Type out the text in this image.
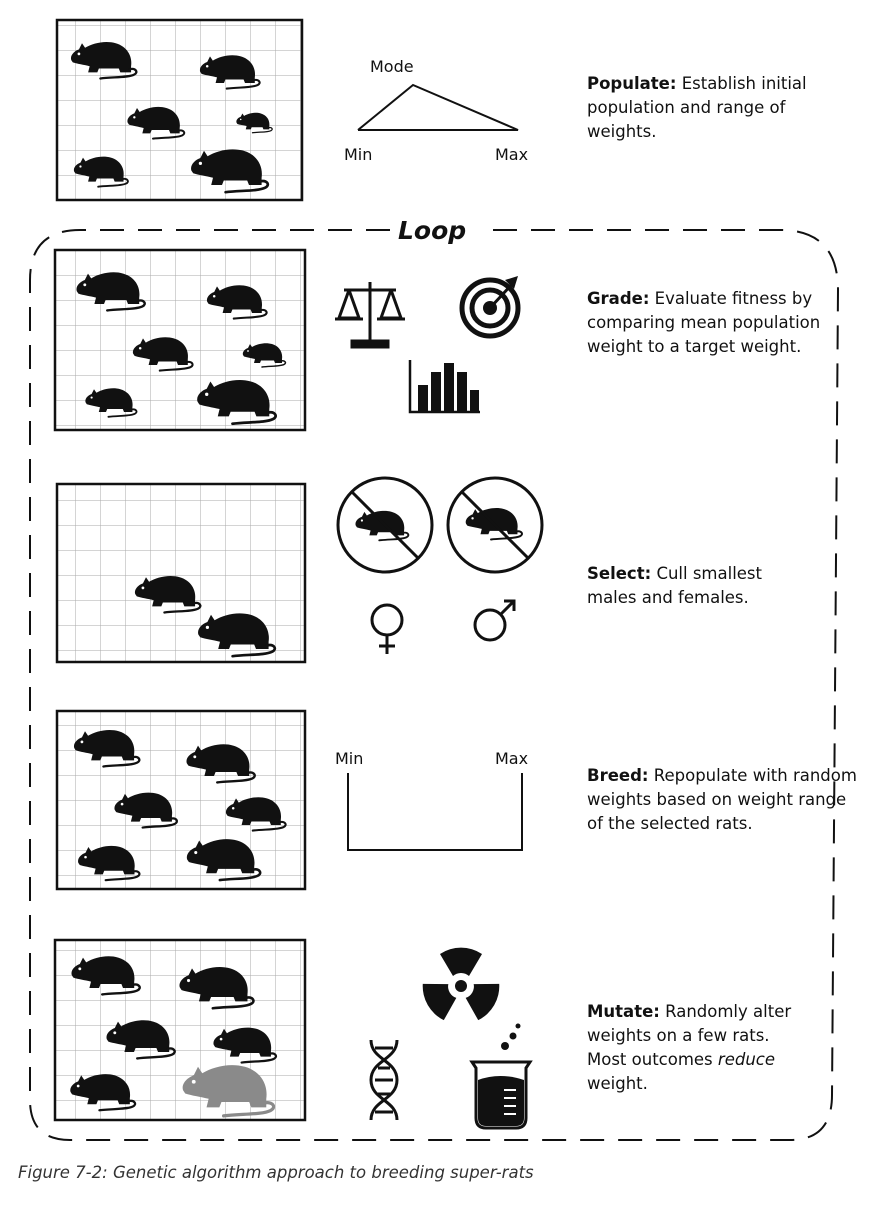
Loop
Mode
Min	Max
Min	Max
Populate: Establish initial population and range of weights.
Grade: Evaluate fitness by comparing mean population weight to a target weight.
Select: Cull smallest males and females.
Breed: Repopulate with random weights based on weight range of the selected rats.
Mutate: Randomly alter weights on a few rats. Most outcomes reduce weight.
Figure 7-2: Genetic algorithm approach to breeding super-rats
